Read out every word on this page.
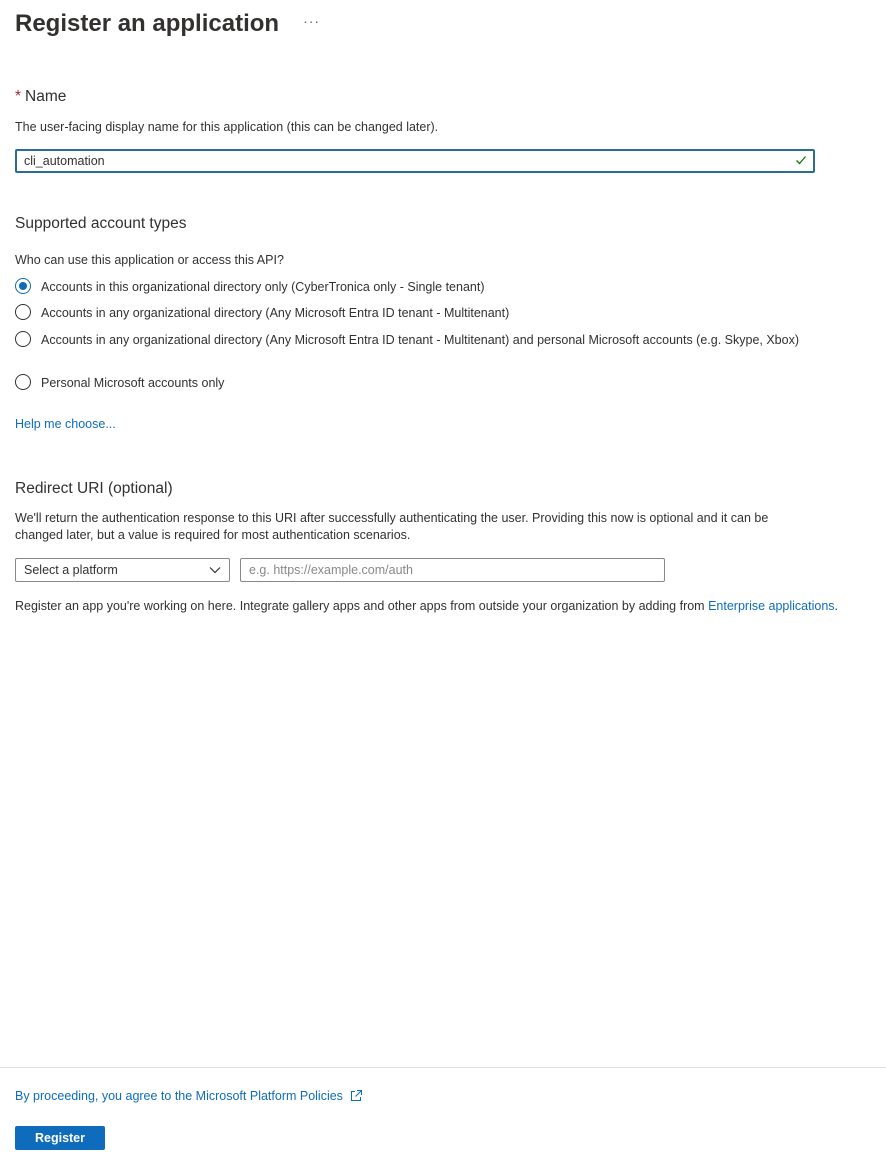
Register an application ···

* Name

The user-facing display name for this application (this can be changed later).
cli_automation

Supported account types

Who can use this application or access this API?
Accounts in this organizational directory only (CyberTronica only - Single tenant)
Accounts in any organizational directory (Any Microsoft Entra ID tenant - Multitenant)
Accounts in any organizational directory (Any Microsoft Entra ID tenant - Multitenant) and personal Microsoft accounts (e.g. Skype, Xbox)
Personal Microsoft accounts only
Help me choose...

Redirect URI (optional)

We'll return the authentication response to this URI after successfully authenticating the user. Providing this now is optional and it can be changed later, but a value is required for most authentication scenarios.
Select a platform
e.g. https://example.com/auth
Register an app you're working on here. Integrate gallery apps and other apps from outside your organization by adding from Enterprise applications.
By proceeding, you agree to the Microsoft Platform Policies
Register
